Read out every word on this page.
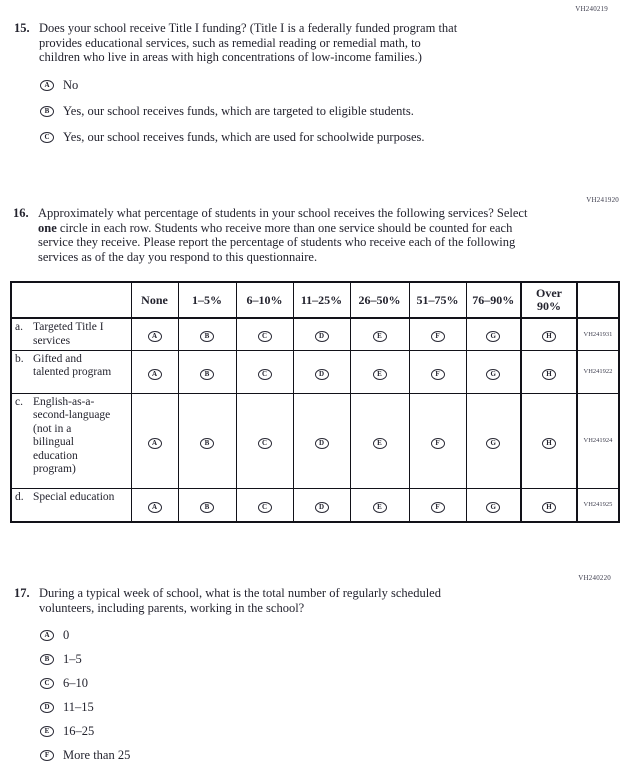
VH240219
VH241920
VH240220
15. Does your school receive Title I funding? (Title I is a federally funded program that
provides educational services, such as remedial reading or remedial math, to
children who live in areas with high concentrations of low-income families.)
A No
B Yes, our school receives funds, which are targeted to eligible students.
C Yes, our school receives funds, which are used for schoolwide purposes.
16. Approximately what percentage of students in your school receives the following services? Select
one circle in each row. Students who receive more than one service should be counted for each
service they receive. Please report the percentage of students who receive each of the following
services as of the day you respond to this questionnaire.
	None	1–5%	6–10%	11–25%	26–50%	51–75%	76–90%	Over 90%	

a. Targeted Title I services	A	B	C	D	E	F	G	H	VH241931

b. Gifted and talented program	A	B	C	D	E	F	G	H	VH241922

c. English-as-a-second-language (not in a bilingual education program)	A	B	C	D	E	F	G	H	VH241924

d. Special education	A	B	C	D	E	F	G	H	VH241925
17. During a typical week of school, what is the total number of regularly scheduled
volunteers, including parents, working in the school?
A 0
B 1–5
C 6–10
D 11–15
E 16–25
F	More than 25
